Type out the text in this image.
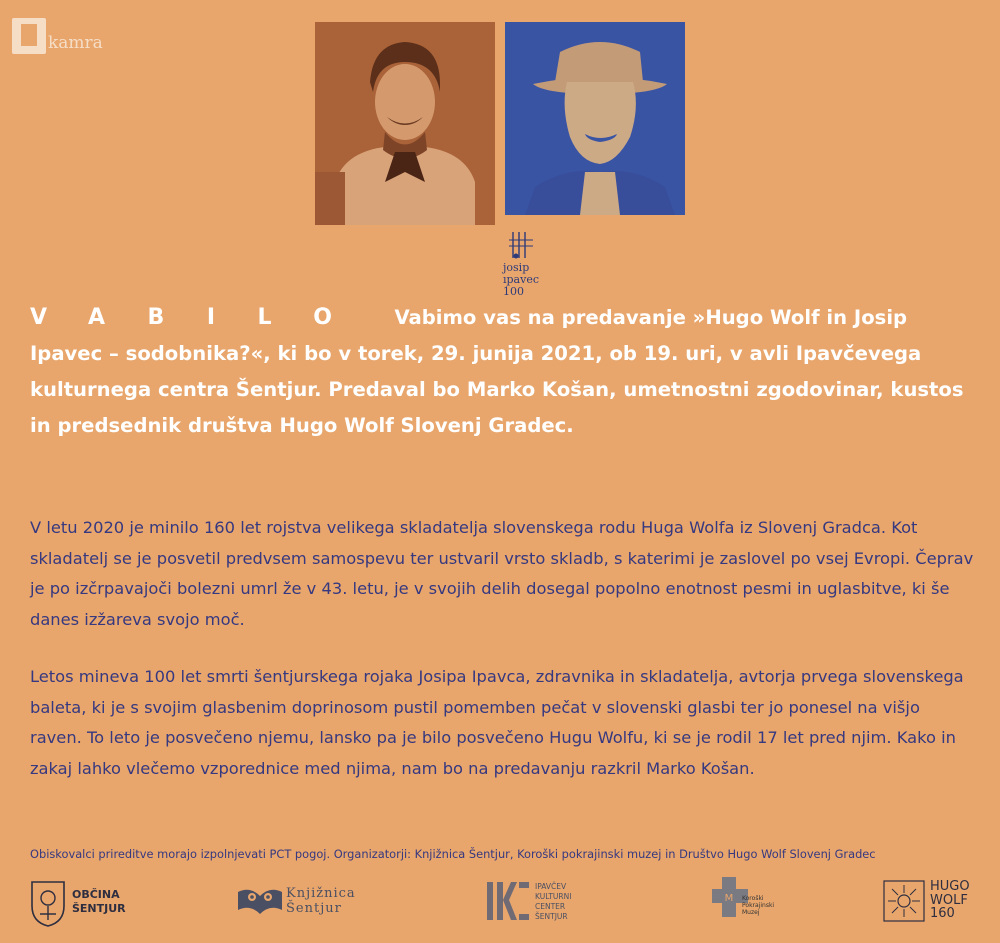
kamra
josip
ıpavec
100
VABILO Vabimo vas na predavanje »Hugo Wolf in Josip Ipavec – sodobnika?«, ki bo v torek, 29. junija 2021, ob 19. uri, v avli Ipavčevega kulturnega centra Šentjur. Predaval bo Marko Košan, umetnostni zgodovinar, kustos in predsednik društva Hugo Wolf Slovenj Gradec.
V letu 2020 je minilo 160 let rojstva velikega skladatelja slovenskega rodu Huga Wolfa iz Slovenj Gradca. Kot skladatelj se je posvetil predvsem samospevu ter ustvaril vrsto skladb, s katerimi je zaslovel po vsej Evropi. Čeprav je po izčrpavajoči bolezni umrl že v 43. letu, je v svojih delih dosegal popolno enotnost pesmi in uglasbitve, ki še danes izžareva svojo moč.
Letos mineva 100 let smrti šentjurskega rojaka Josipa Ipavca, zdravnika in skladatelja, avtorja prvega slovenskega baleta, ki je s svojim glasbenim doprinosom pustil pomemben pečat v slovenski glasbi ter jo ponesel na višjo raven. To leto je posvečeno njemu, lansko pa je bilo posvečeno Hugu Wolfu, ki se je rodil 17 let pred njim. Kako in zakaj lahko vlečemo vzporednice med njima, nam bo na predavanju razkril Marko Košan.
Obiskovalci prireditve morajo izpolnjevati PCT pogoj. Organizatorji: Knjižnica Šentjur, Koroški pokrajinski muzej in Društvo Hugo Wolf Slovenj Gradec
OBČINA
ŠENTJUR
Knjižnica
Šentjur
IPAVČEV
KULTURNI
CENTER
ŠENTJUR
M Koroški
Pokrajinski
Muzej
HUGO
WOLF
160
